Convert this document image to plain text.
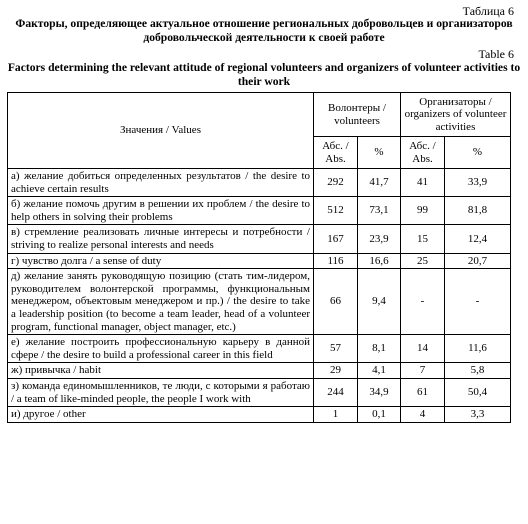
Таблица 6
Факторы, определяющее актуальное отношение региональных добровольцев и организаторов добровольческой деятельности к своей работе
Table 6
Factors determining the relevant attitude of regional volunteers and organizers of volunteer activities to their work
Значения / Values	Волонтеры / volunteers		Организаторы / organizers of volunteer activities	
	Абс. / Abs.	%	Абс. / Abs.	%
а) желание добиться определенных результатов / the desire to achieve certain results	292	41,7	41	33,9
б) желание помочь другим в решении их проблем / the desire to help others in solving their problems	512	73,1	99	81,8
в) стремление реализовать личные интересы и потребности / striving to realize personal interests and needs	167	23,9	15	12,4
г) чувство долга / a sense of duty	116	16,6	25	20,7
д) желание занять руководящую позицию (стать тим-лидером, руководителем волонтерской программы, функциональным менеджером, объектовым менеджером и пр.) / the desire to take a leadership position (to become a team leader, head of a volunteer program, functional manager, object manager, etc.)	66	9,4	-	-
е) желание построить профессиональную карьеру в данной сфере / the desire to build a professional career in this field	57	8,1	14	11,6
ж) привычка / habit	29	4,1	7	5,8
з) команда единомышленников, те люди, с которыми я работаю / a team of like-minded people, the people I work with	244	34,9	61	50,4
и) другое / other	1	0,1	4	3,3
